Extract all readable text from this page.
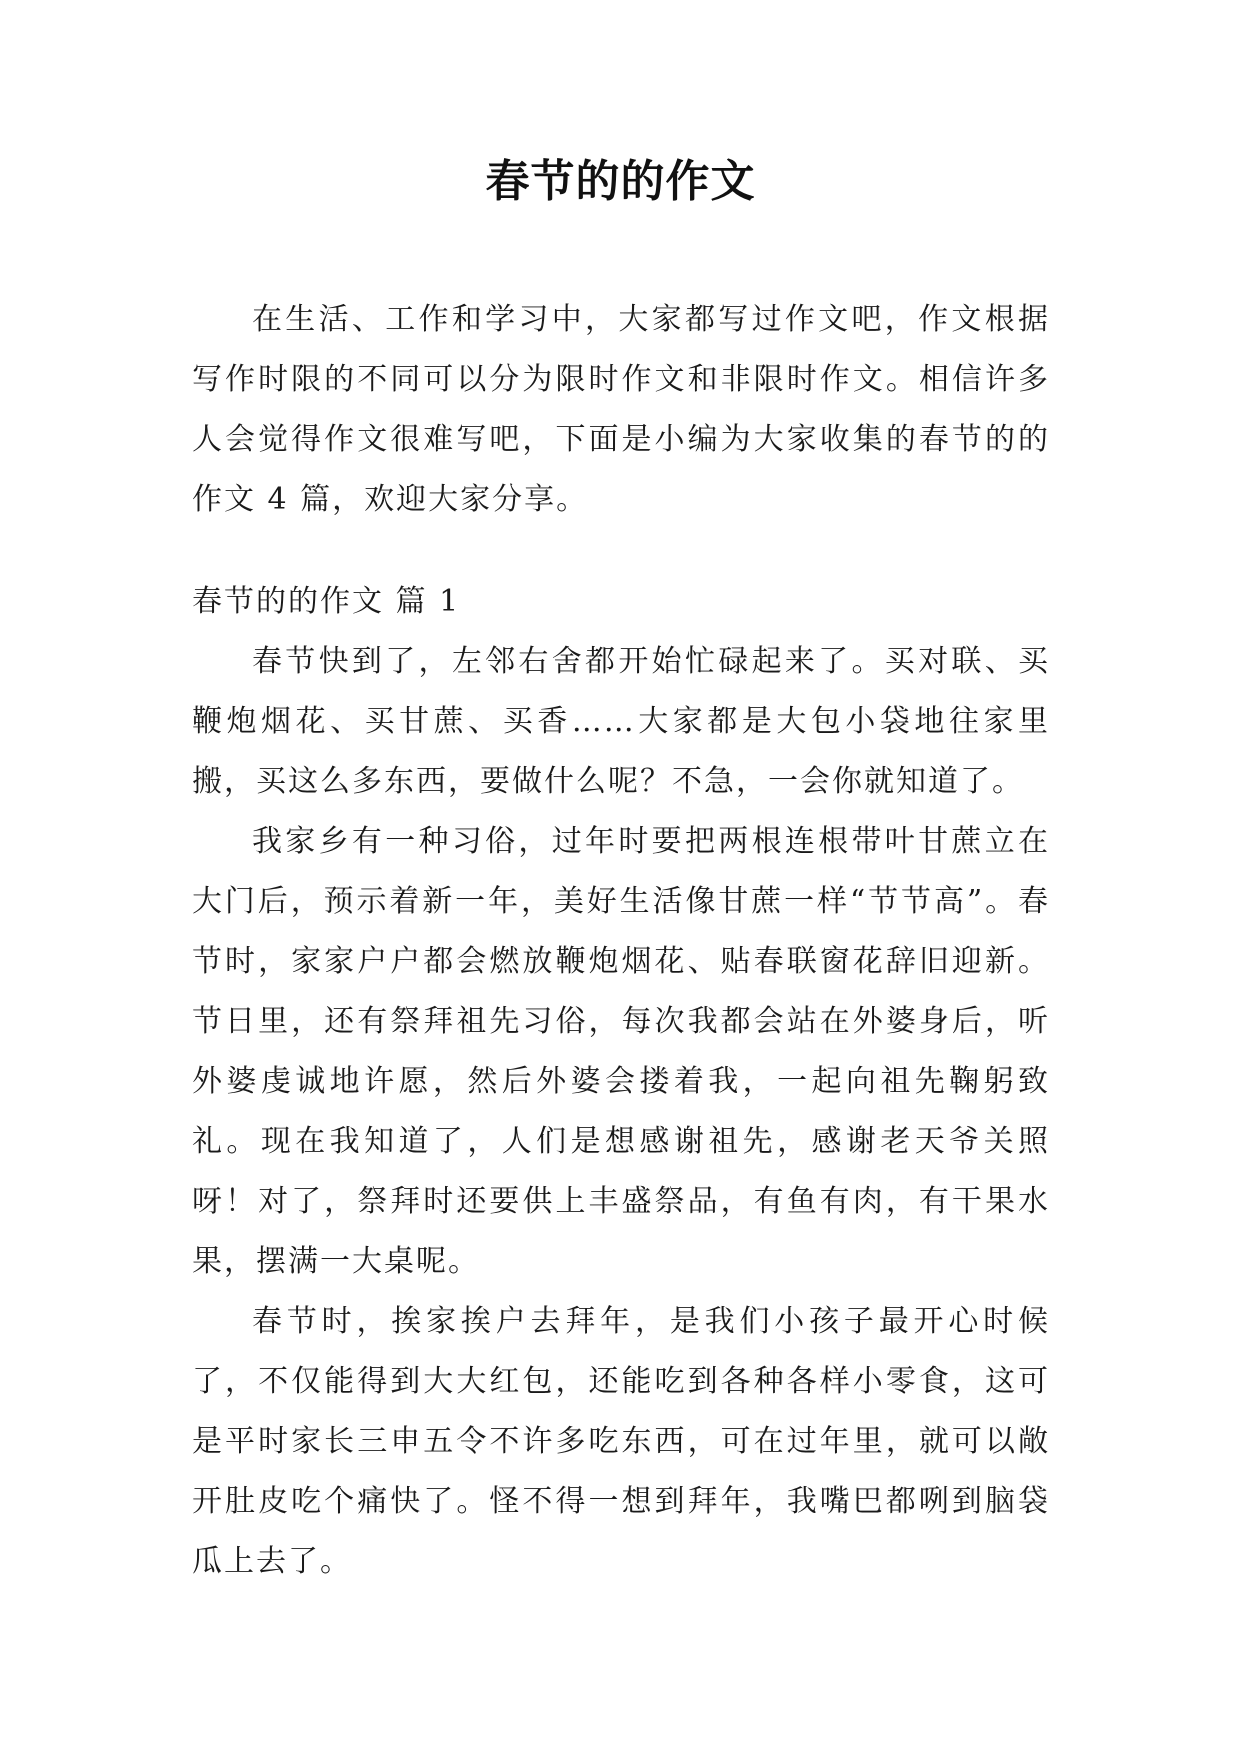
春节的的作文

在生活、工作和学习中，大家都写过作文吧，作文根据写作时限的不同可以分为限时作文和非限时作文。相信许多人会觉得作文很难写吧，下面是小编为大家收集的春节的的作文 4 篇，欢迎大家分享。

春节的的作文 篇 1

春节快到了，左邻右舍都开始忙碌起来了。买对联、买鞭炮烟花、买甘蔗、买香……大家都是大包小袋地往家里搬，买这么多东西，要做什么呢？不急，一会你就知道了。

我家乡有一种习俗，过年时要把两根连根带叶甘蔗立在大门后，预示着新一年，美好生活像甘蔗一样“节节高”。春节时，家家户户都会燃放鞭炮烟花、贴春联窗花辞旧迎新。节日里，还有祭拜祖先习俗，每次我都会站在外婆身后，听外婆虔诚地许愿，然后外婆会搂着我，一起向祖先鞠躬致礼。现在我知道了，人们是想感谢祖先，感谢老天爷关照呀！对了，祭拜时还要供上丰盛祭品，有鱼有肉，有干果水果，摆满一大桌呢。

春节时，挨家挨户去拜年，是我们小孩子最开心时候了，不仅能得到大大红包，还能吃到各种各样小零食，这可是平时家长三申五令不许多吃东西，可在过年里，就可以敞开肚皮吃个痛快了。怪不得一想到拜年，我嘴巴都咧到脑袋瓜上去了。
